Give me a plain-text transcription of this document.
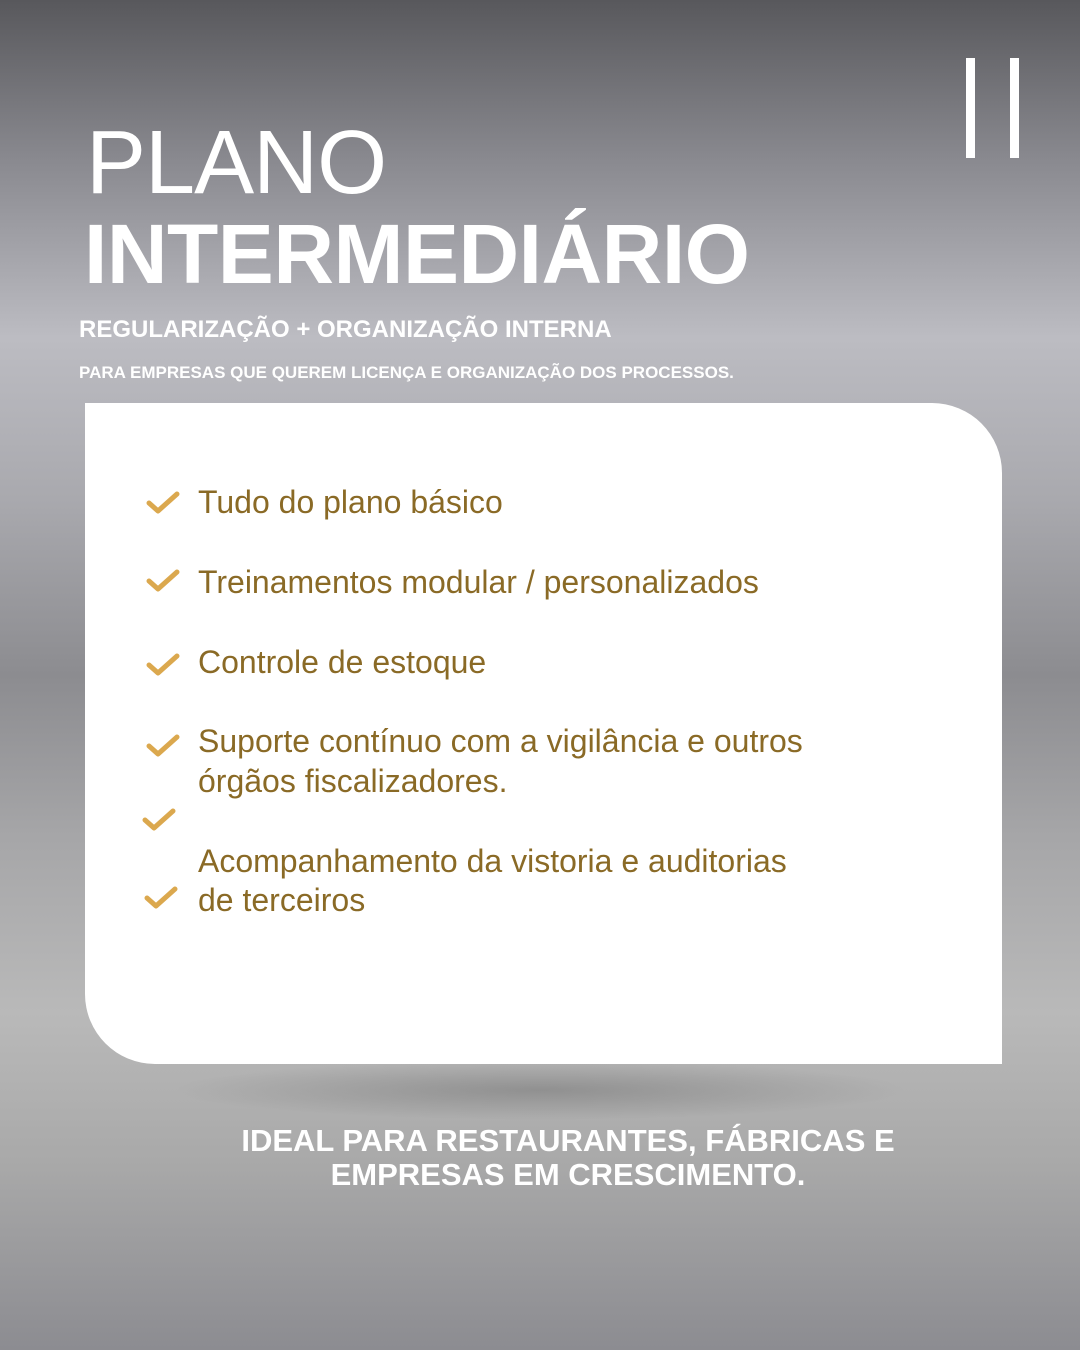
PLANO
INTERMEDIÁRIO
REGULARIZAÇÃO + ORGANIZAÇÃO INTERNA
PARA EMPRESAS QUE QUEREM LICENÇA E ORGANIZAÇÃO DOS PROCESSOS.
Tudo do plano básico
Treinamentos modular / personalizados
Controle de estoque
Suporte contínuo com a vigilância e outros
órgãos fiscalizadores.
Acompanhamento da vistoria e auditorias
de terceiros
IDEAL PARA RESTAURANTES, FÁBRICAS E
EMPRESAS EM CRESCIMENTO.
